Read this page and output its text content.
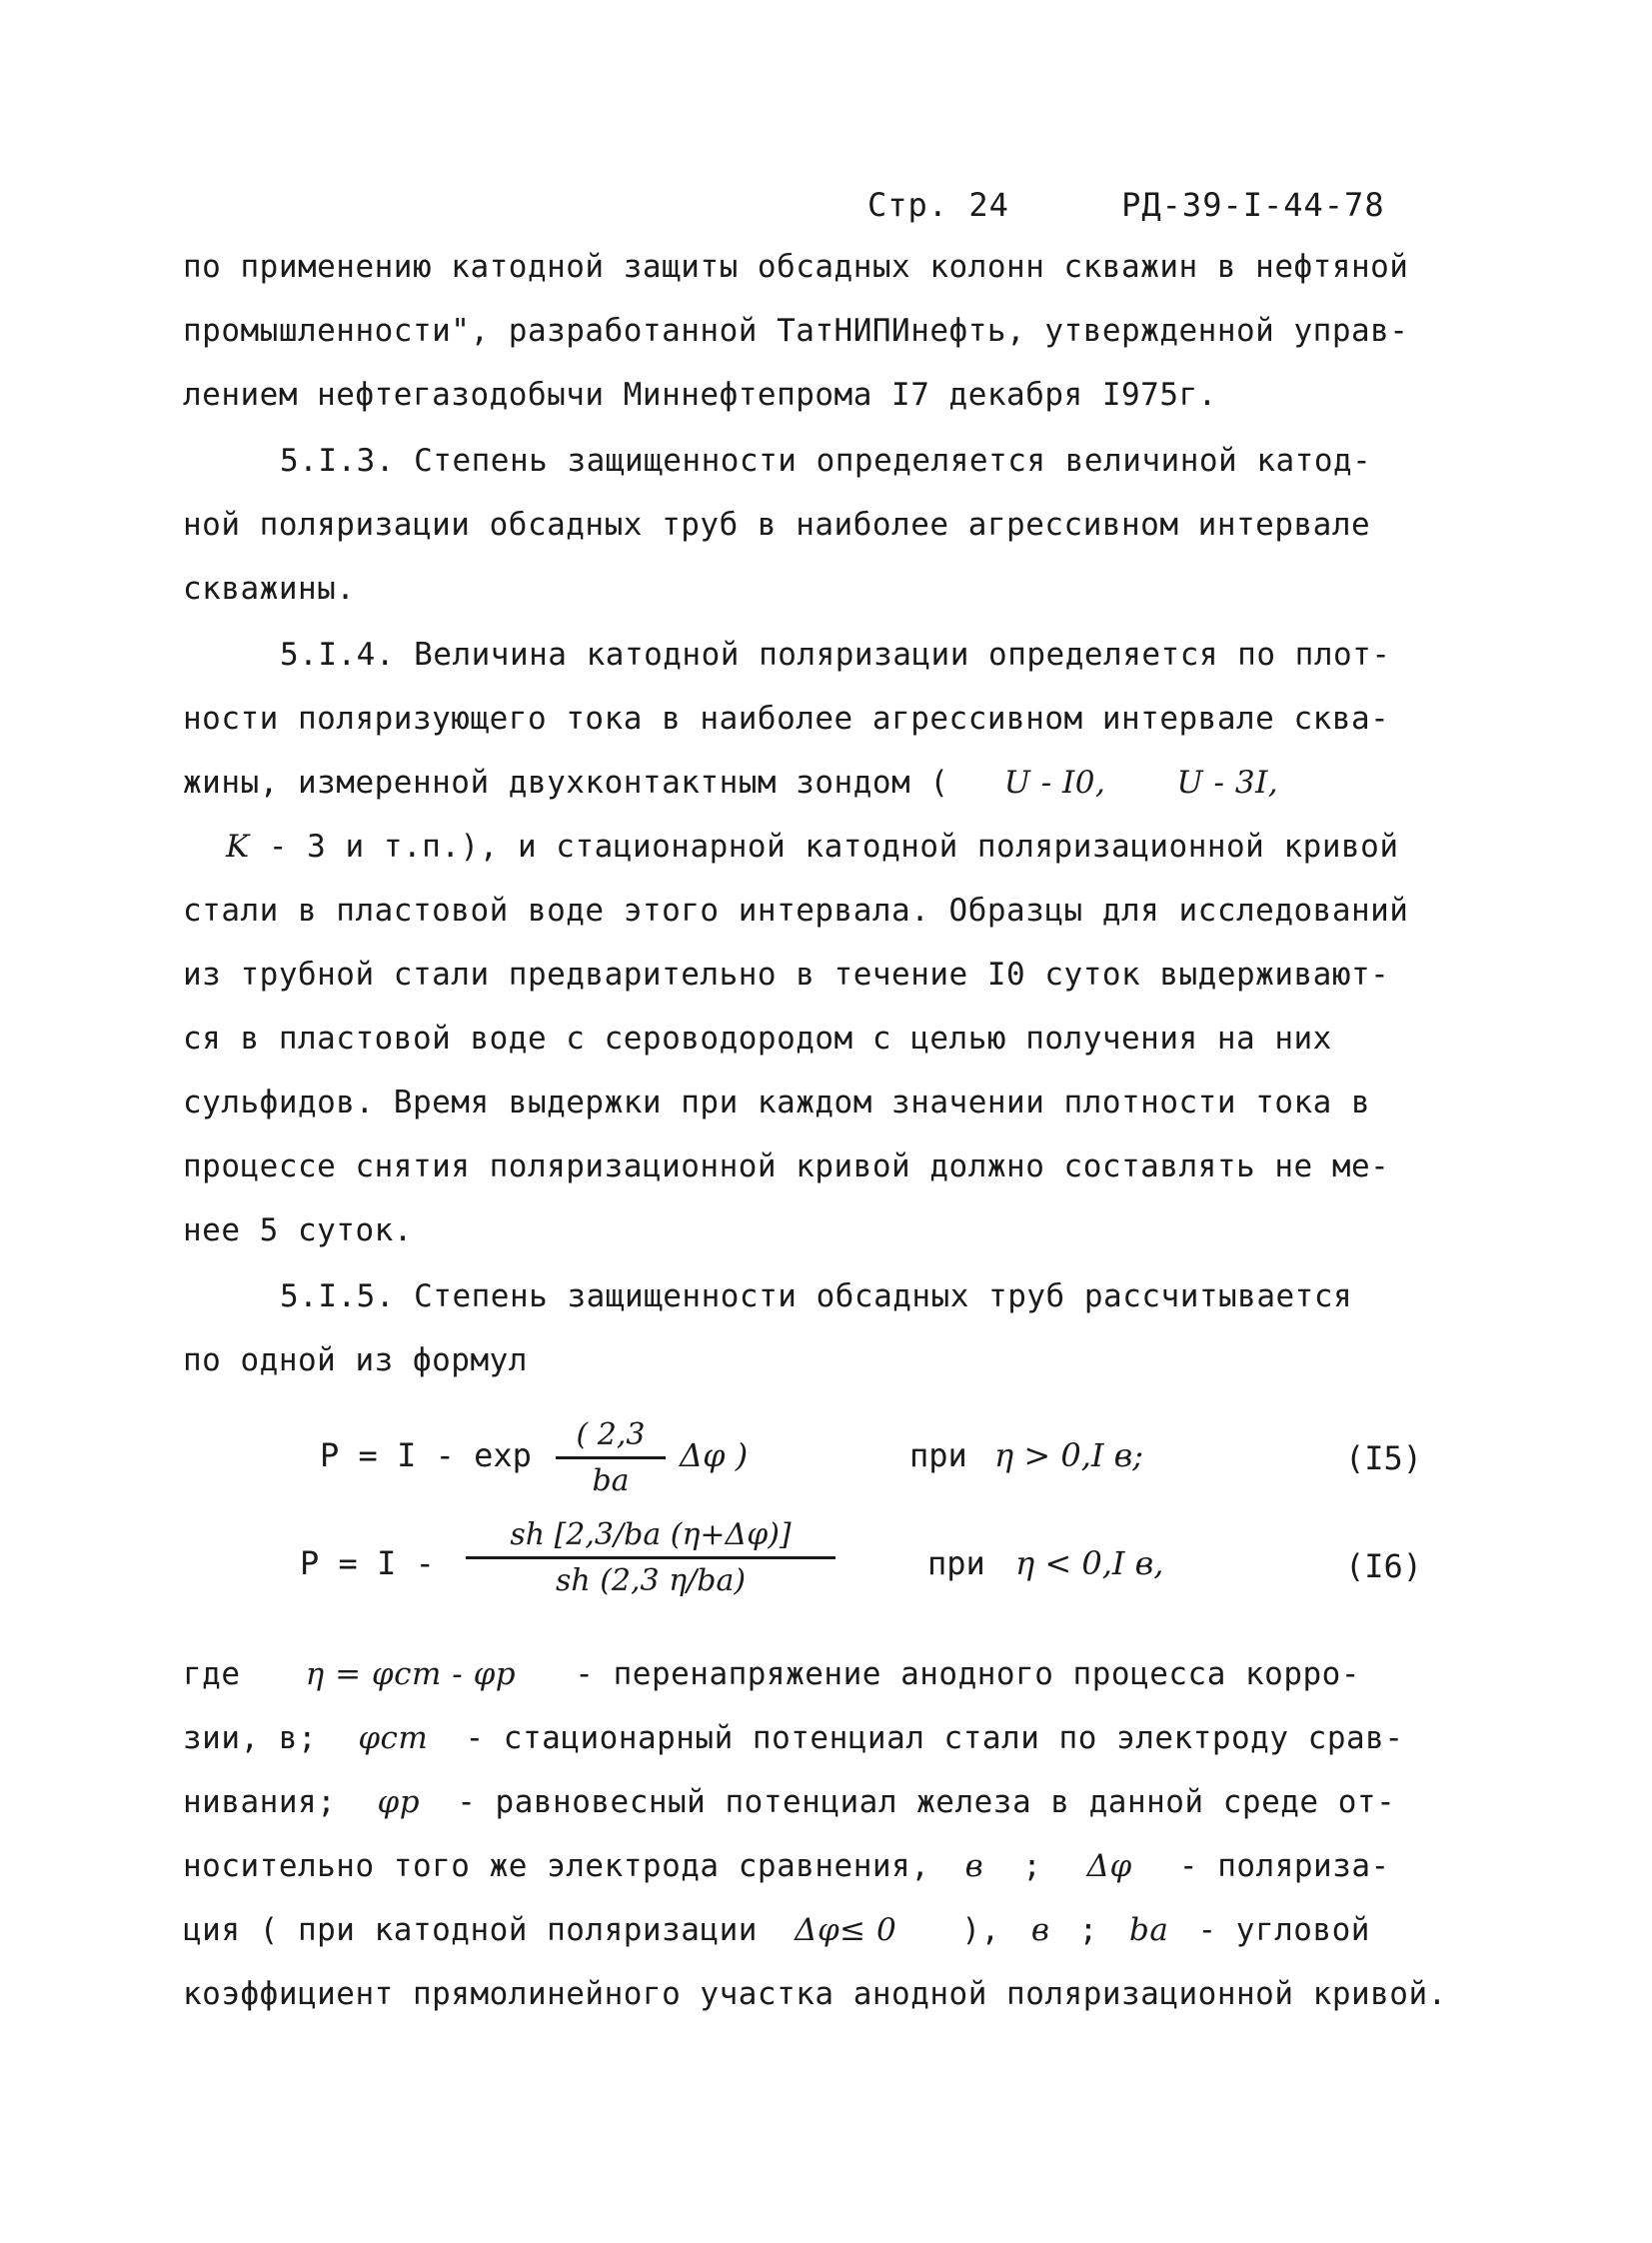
Стр. 24	РД-39-I-44-78
по применению катодной защиты обсадных колонн скважин в нефтяной
промышленности", разработанной ТатНИПИнефть, утвержденной управ-
лением нефтегазодобычи Миннефтепрома I7 декабря I975г.
5.I.3. Степень защищенности определяется величиной катод-
ной поляризации обсадных труб в наиболее агрессивном интервале
скважины.
5.I.4. Величина катодной поляризации определяется по плот-
ности поляризующего тока в наиболее агрессивном интервале сква-
жины, измеренной двухконтактным зондом ( U - I0, U - 3I,
K - 3 и т.п.), и стационарной катодной поляризационной кривой
стали в пластовой воде этого интервала. Образцы для исследований
из трубной стали предварительно в течение I0 суток выдерживают-
ся в пластовой воде с сероводородом с целью получения на них
сульфидов. Время выдержки при каждом значении плотности тока в
процессе снятия поляризационной кривой должно составлять не ме-
нее 5 суток.
5.I.5. Степень защищенности обсадных труб рассчитывается
по одной из формул
P = I - exp
( 2,3
ba
Δφ )	при η > 0,I в;	(I5)
P = I -
sh [2,3/ba (η+Δφ)]
sh (2,3 η/ba)	при η < 0,I в,	(I6)
где η = φст - φр - перенапряжение анодного процесса корро-
зии, в; φст - стационарный потенциал стали по электроду срав-
нивания; φр - равновесный потенциал железа в данной среде от-
носительно того же электрода сравнения, в ; Δφ - поляриза-
ция ( при катодной поляризации Δφ≤ 0 ), в ; ba - угловой
коэффициент прямолинейного участка анодной поляризационной кривой.
